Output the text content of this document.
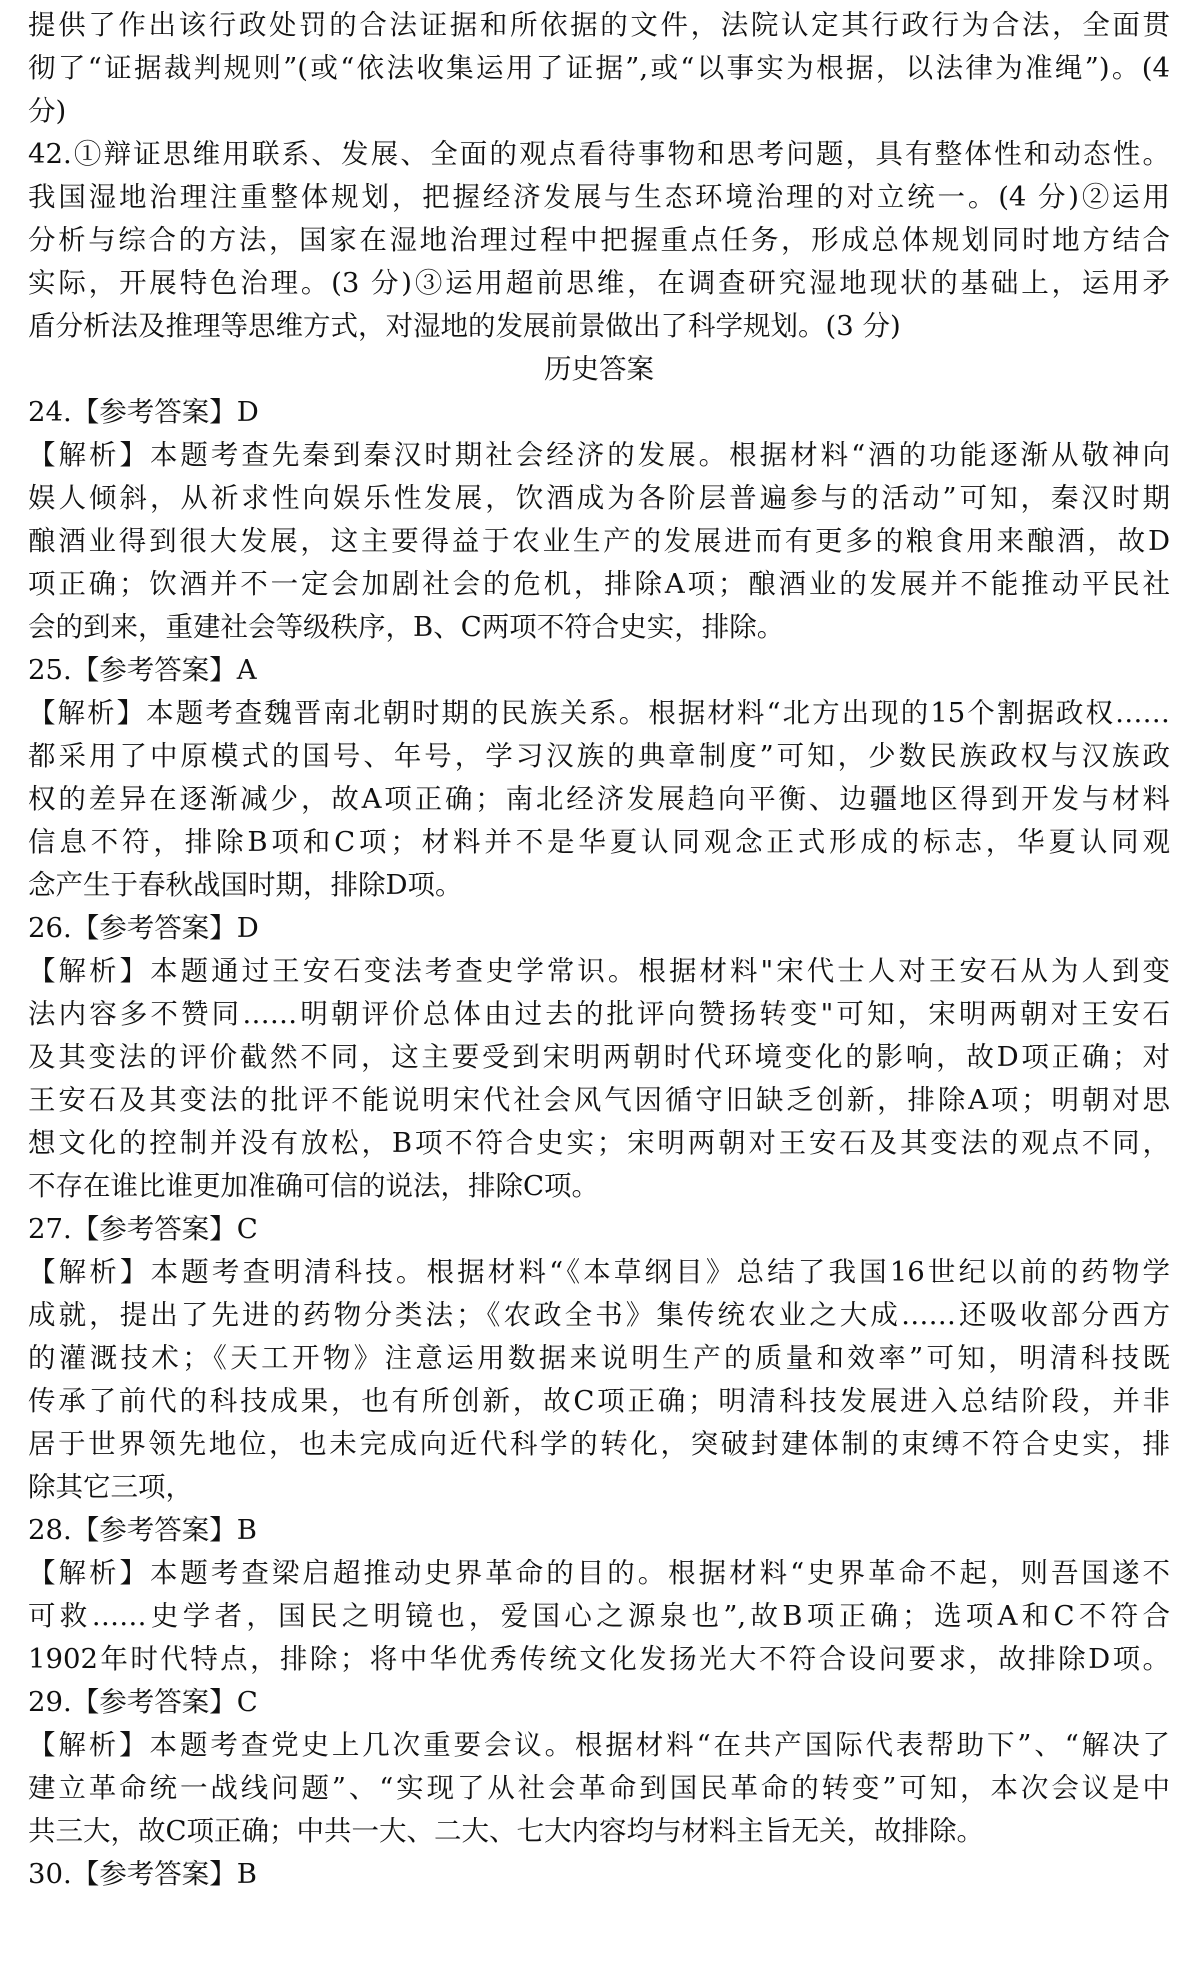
提供了作出该行政处罚的合法证据和所依据的文件，法院认定其行政行为合法，全面贯
彻了“证据裁判规则”(或“依法收集运用了证据”,或“以事实为根据，以法律为准绳”)。(4
分)
42.①辩证思维用联系、发展、全面的观点看待事物和思考问题，具有整体性和动态性。
我国湿地治理注重整体规划，把握经济发展与生态环境治理的对立统一。(4 分)②运用
分析与综合的方法，国家在湿地治理过程中把握重点任务，形成总体规划同时地方结合
实际，开展特色治理。(3 分)③运用超前思维，在调查研究湿地现状的基础上，运用矛
盾分析法及推理等思维方式，对湿地的发展前景做出了科学规划。(3 分)
历史答案
24.【参考答案】D
【解析】本题考查先秦到秦汉时期社会经济的发展。根据材料“酒的功能逐渐从敬神向
娱人倾斜，从祈求性向娱乐性发展，饮酒成为各阶层普遍参与的活动”可知，秦汉时期
酿酒业得到很大发展，这主要得益于农业生产的发展进而有更多的粮食用来酿酒，故D
项正确；饮酒并不一定会加剧社会的危机，排除A项；酿酒业的发展并不能推动平民社
会的到来，重建社会等级秩序，B、C两项不符合史实，排除。
25.【参考答案】A
【解析】本题考查魏晋南北朝时期的民族关系。根据材料“北方出现的15个割据政权……
都采用了中原模式的国号、年号，学习汉族的典章制度”可知，少数民族政权与汉族政
权的差异在逐渐减少，故A项正确；南北经济发展趋向平衡、边疆地区得到开发与材料
信息不符，排除B项和C项；材料并不是华夏认同观念正式形成的标志，华夏认同观
念产生于春秋战国时期，排除D项。
26.【参考答案】D
【解析】本题通过王安石变法考查史学常识。根据材料"宋代士人对王安石从为人到变
法内容多不赞同……明朝评价总体由过去的批评向赞扬转变"可知，宋明两朝对王安石
及其变法的评价截然不同，这主要受到宋明两朝时代环境变化的影响，故D项正确；对
王安石及其变法的批评不能说明宋代社会风气因循守旧缺乏创新，排除A项；明朝对思
想文化的控制并没有放松，B项不符合史实；宋明两朝对王安石及其变法的观点不同，
不存在谁比谁更加准确可信的说法，排除C项。
27.【参考答案】C
【解析】本题考查明清科技。根据材料“《本草纲目》总结了我国16世纪以前的药物学
成就，提出了先进的药物分类法；《农政全书》集传统农业之大成……还吸收部分西方
的灌溉技术；《天工开物》注意运用数据来说明生产的质量和效率”可知，明清科技既
传承了前代的科技成果，也有所创新，故C项正确；明清科技发展进入总结阶段，并非
居于世界领先地位，也未完成向近代科学的转化，突破封建体制的束缚不符合史实，排
除其它三项，
28.【参考答案】B
【解析】本题考查梁启超推动史界革命的目的。根据材料“史界革命不起，则吾国遂不
可救……史学者，国民之明镜也，爱国心之源泉也”,故B项正确；选项A和C不符合
1902年时代特点，排除；将中华优秀传统文化发扬光大不符合设问要求，故排除D项。
29.【参考答案】C
【解析】本题考查党史上几次重要会议。根据材料“在共产国际代表帮助下”、“解决了
建立革命统一战线问题”、“实现了从社会革命到国民革命的转变”可知，本次会议是中
共三大，故C项正确；中共一大、二大、七大内容均与材料主旨无关，故排除。
30.【参考答案】B
